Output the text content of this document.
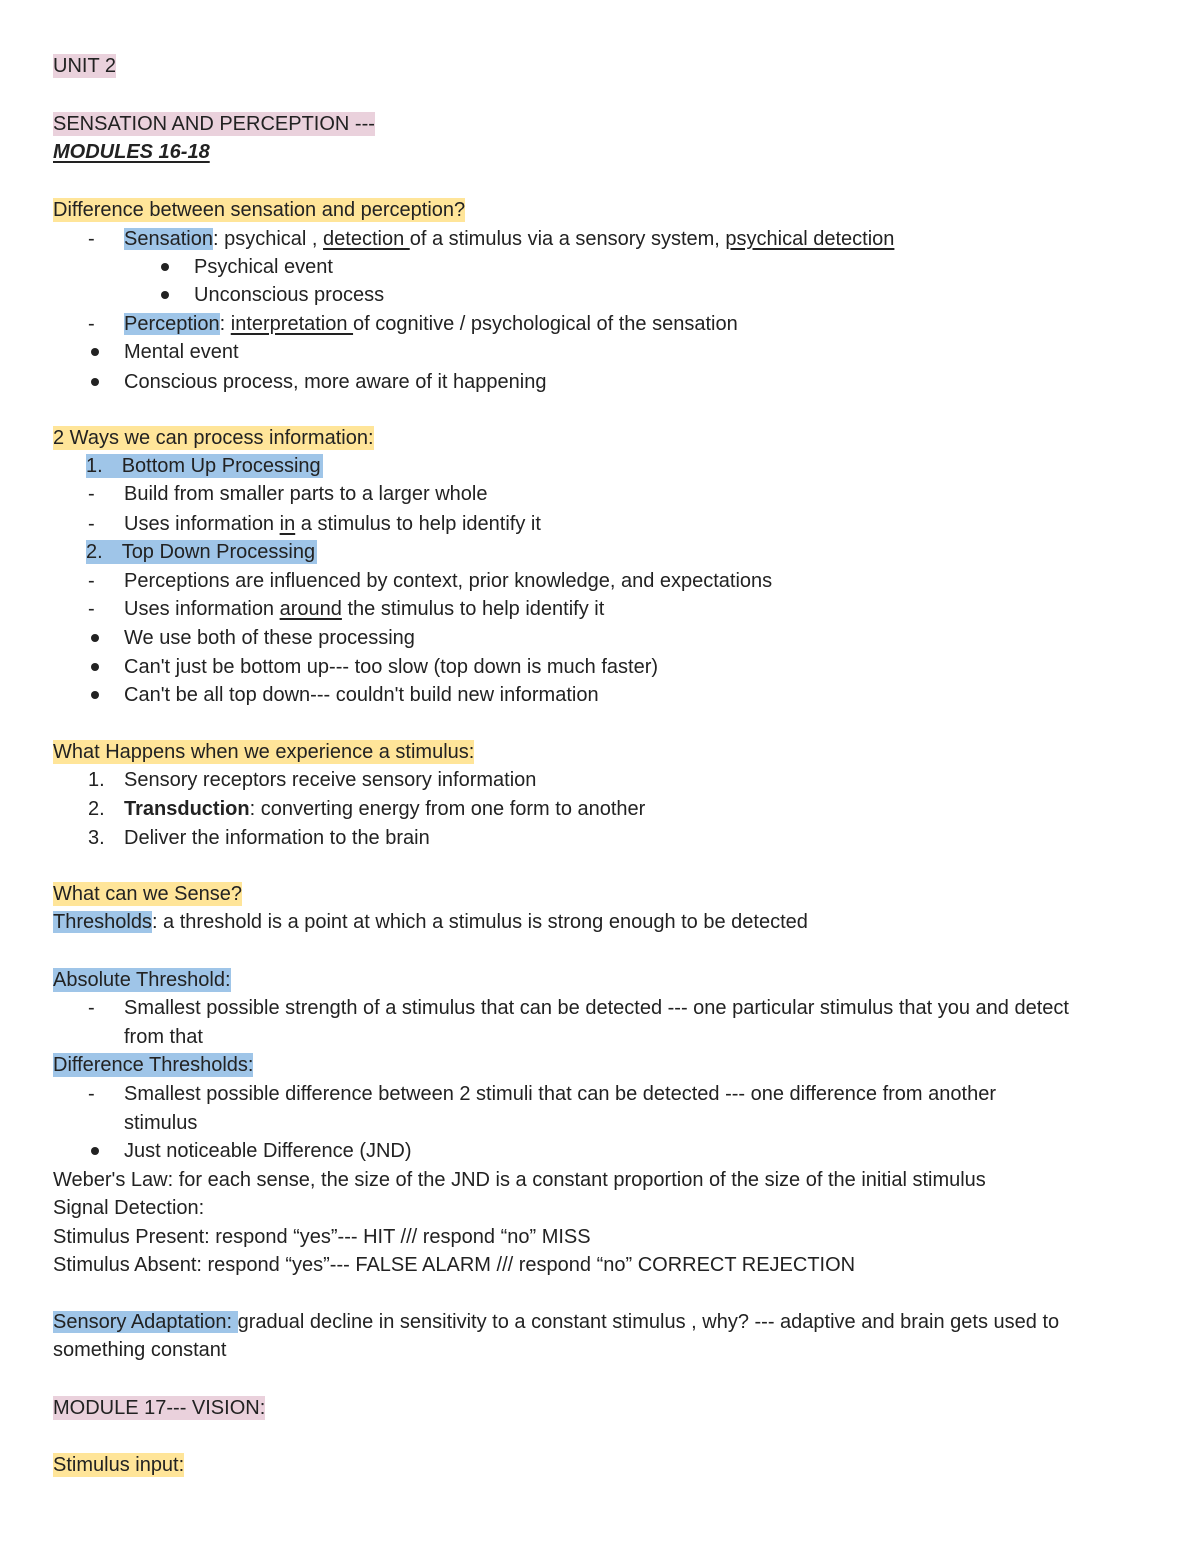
UNIT 2
SENSATION AND PERCEPTION ---
MODULES 16-18
Difference between sensation and perception?
- Sensation: psychical , detection of a stimulus via a sensory system, psychical detection
Psychical event
Unconscious process
- Perception: interpretation of cognitive / psychological of the sensation
Mental event
Conscious process, more aware of it happening
2 Ways we can process information:
1. Bottom Up Processing
- Build from smaller parts to a larger whole
- Uses information in a stimulus to help identify it
2. Top Down Processing
- Perceptions are influenced by context, prior knowledge, and expectations
- Uses information around the stimulus to help identify it
We use both of these processing
Can't just be bottom up--- too slow (top down is much faster)
Can't be all top down--- couldn't build new information
What Happens when we experience a stimulus:
1. Sensory receptors receive sensory information
2. Transduction: converting energy from one form to another
3. Deliver the information to the brain
What can we Sense?
Thresholds: a threshold is a point at which a stimulus is strong enough to be detected
Absolute Threshold:
- Smallest possible strength of a stimulus that can be detected --- one particular stimulus that you and detect
from that
Difference Thresholds:
- Smallest possible difference between 2 stimuli that can be detected --- one difference from another
stimulus
Just noticeable Difference (JND)
Weber's Law: for each sense, the size of the JND is a constant proportion of the size of the initial stimulus
Signal Detection:
Stimulus Present: respond “yes”--- HIT /// respond “no” MISS
Stimulus Absent: respond “yes”--- FALSE ALARM /// respond “no” CORRECT REJECTION
Sensory Adaptation: gradual decline in sensitivity to a constant stimulus , why? --- adaptive and brain gets used to
something constant
MODULE 17--- VISION:
Stimulus input:
